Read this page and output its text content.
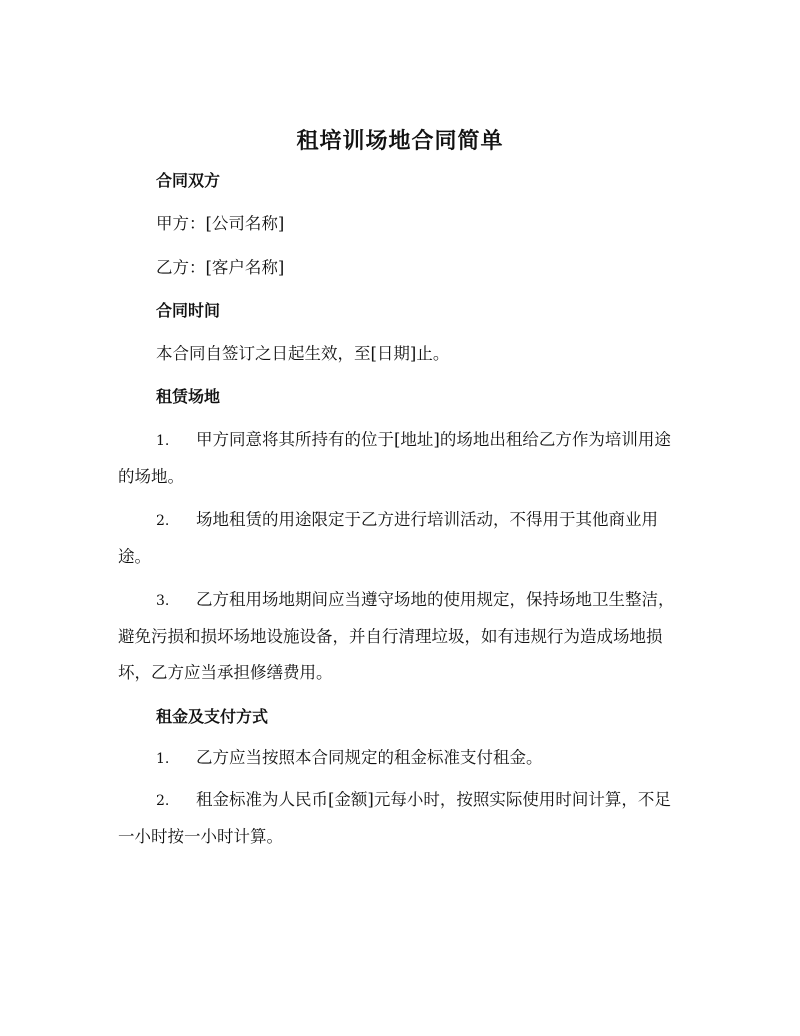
租培训场地合同简单
合同双方

甲方：[公司名称]

乙方：[客户名称]

合同时间

本合同自签订之日起生效，至[日期]止。

租赁场地

1. 甲方同意将其所持有的位于[地址]的场地出租给乙方作为培训用途的场地。

2. 场地租赁的用途限定于乙方进行培训活动，不得用于其他商业用途。

3. 乙方租用场地期间应当遵守场地的使用规定，保持场地卫生整洁，避免污损和损坏场地设施设备，并自行清理垃圾，如有违规行为造成场地损坏，乙方应当承担修缮费用。

租金及支付方式

1. 乙方应当按照本合同规定的租金标准支付租金。

2. 租金标准为人民币[金额]元每小时，按照实际使用时间计算，不足一小时按一小时计算。
